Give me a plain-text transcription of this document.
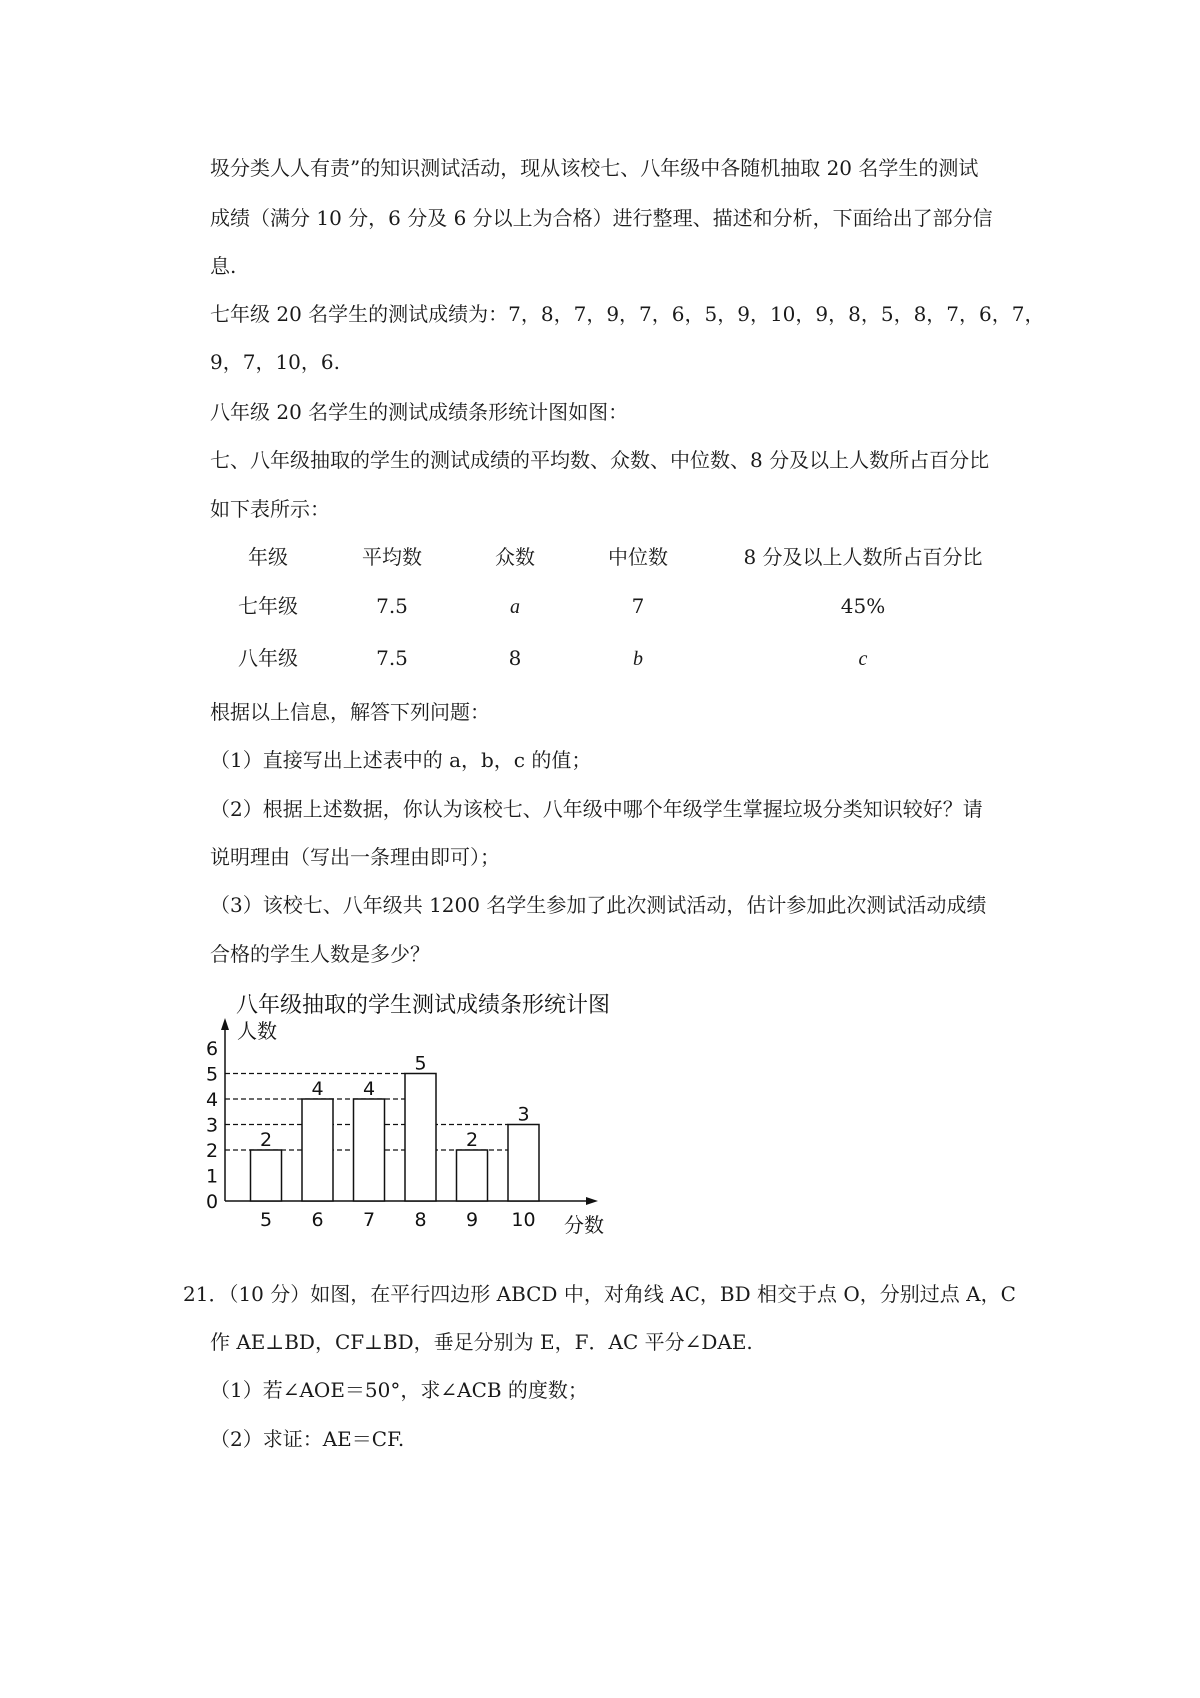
圾分类人人有责”的知识测试活动，现从该校七、八年级中各随机抽取 20 名学生的测试
成绩（满分 10 分，6 分及 6 分以上为合格）进行整理、描述和分析，下面给出了部分信
息.
七年级 20 名学生的测试成绩为：7，8，7，9，7，6，5，9，10，9，8，5，8，7，6，7，
9，7，10，6.
八年级 20 名学生的测试成绩条形统计图如图：
七、八年级抽取的学生的测试成绩的平均数、众数、中位数、8 分及以上人数所占百分比
如下表所示：
年级	平均数	众数	中位数	8 分及以上人数所占百分比
七年级	7.5	a	7	45%
八年级	7.5	8	b	c
根据以上信息，解答下列问题：
（1）直接写出上述表中的 a，b，c 的值；
（2）根据上述数据，你认为该校七、八年级中哪个年级学生掌握垃圾分类知识较好？请
说明理由（写出一条理由即可）；
（3）该校七、八年级共 1200 名学生参加了此次测试活动，估计参加此次测试活动成绩
合格的学生人数是多少？
八年级抽取的学生测试成绩条形统计图
人数
分数
0
1
2
3
4
5
6
2
5
4
6
4
7
5
8
2
9
3
10
21．（10 分）如图，在平行四边形 ABCD 中，对角线 AC，BD 相交于点 O，分别过点 A，C
作 AE⊥BD，CF⊥BD，垂足分别为 E，F．AC 平分∠DAE.
（1）若∠AOE＝50°，求∠ACB 的度数；
（2）求证：AE＝CF.
